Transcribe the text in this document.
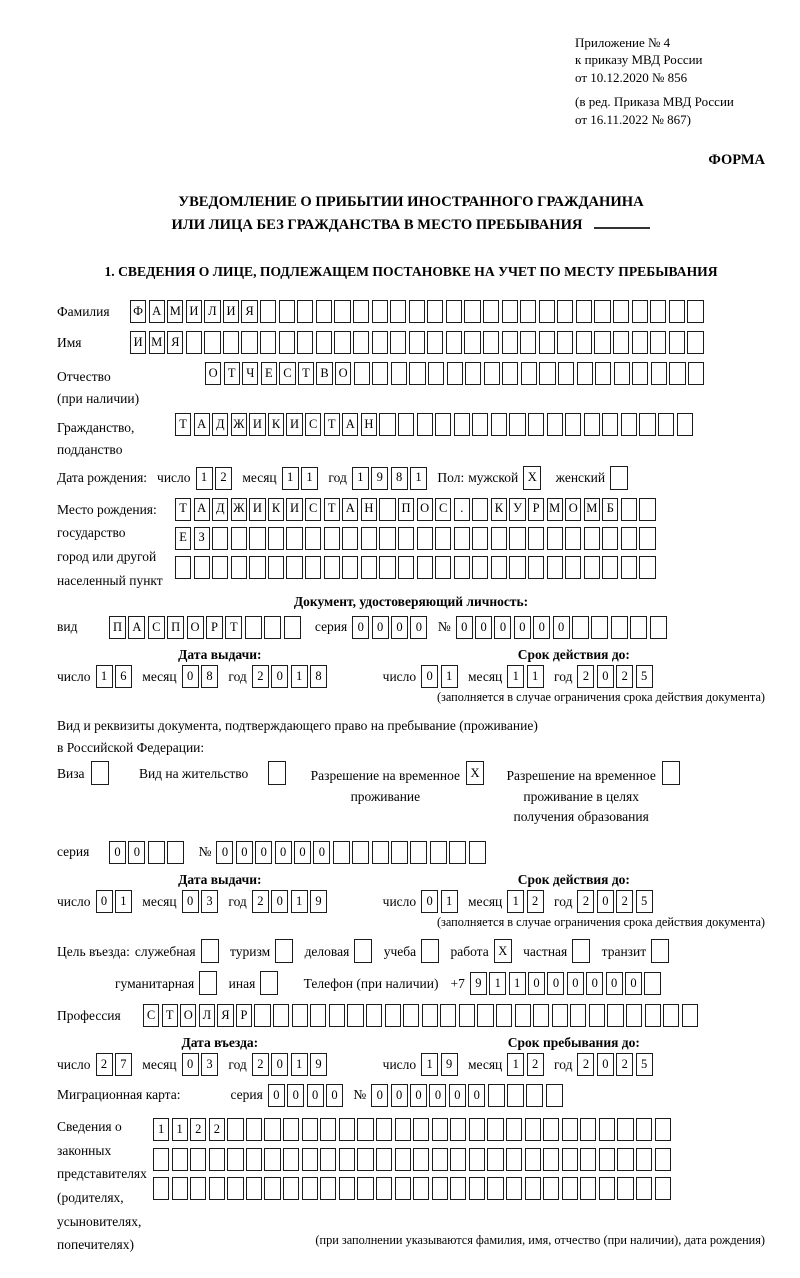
Приложение № 4
к приказу МВД России
от 10.12.2020 № 856
(в ред. Приказа МВД России
от 16.11.2022 № 867)
ФОРМА
УВЕДОМЛЕНИЕ О ПРИБЫТИИ ИНОСТРАННОГО ГРАЖДАНИНА
ИЛИ ЛИЦА БЕЗ ГРАЖДАНСТВА В МЕСТО ПРЕБЫВАНИЯ
1. СВЕДЕНИЯ О ЛИЦЕ, ПОДЛЕЖАЩЕМ ПОСТАНОВКЕ НА УЧЕТ ПО МЕСТУ ПРЕБЫВАНИЯ
Фамилия	Ф А М И Л И Я
Имя	И М Я
Отчество
(при наличии)
О Т Ч Е С Т В О
Гражданство,
подданство
Т А Д Ж И К И С Т А Н
Дата рождения: число 1	2	месяц 1	1	год 1	9	8	1	Пол: мужской X	женский
Место рождения:
государство
город или другой
населенный пункт
Т А Д Ж И К И С Т А Н П О С	.	К У Р М О М Б
Е З
Документ, удостоверяющий личность:
вид	П А С П О Р Т	серия 0	0	0	0	№ 0	0	0	0	0	0
Дата выдачи:	Срок действия до:
число 1	6	месяц 0	8	год 2	0	1	8	число 0	1	месяц 1	1	год 2	0	2	5
(заполняется в случае ограничения срока действия документа)
Вид и реквизиты документа, подтверждающего право на пребывание (проживание)
в Российской Федерации:
Виза	Вид на жительство	Разрешение на временное
проживание
X	Разрешение на временное
проживание в целях
получения образования
серия	0	0	№ 0	0	0	0	0	0
Дата выдачи:	Срок действия до:
число 0	1	месяц 0	3	год 2	0	1	9	число 0	1	месяц 1	2	год 2	0	2	5
(заполняется в случае ограничения срока действия документа)
Цель въезда: служебная	туризм	деловая	учеба	работа X	частная	транзит
гуманитарная	иная	Телефон (при наличии) +7 9	1	1	0	0	0	0	0	0
Профессия	С Т О Л Я Р
Дата въезда:	Срок пребывания до:
число 2	7	месяц 0	3	год 2	0	1	9	число 1	9	месяц 1	2	год 2	0	2	5
Миграционная карта:	серия 0	0	0	0	№ 0	0	0	0	0	0
Сведения о
законных
представителях
(родителях,
усыновителях,
попечителях)
1 1 2 2
(при заполнении указываются фамилия, имя, отчество (при наличии), дата рождения)
